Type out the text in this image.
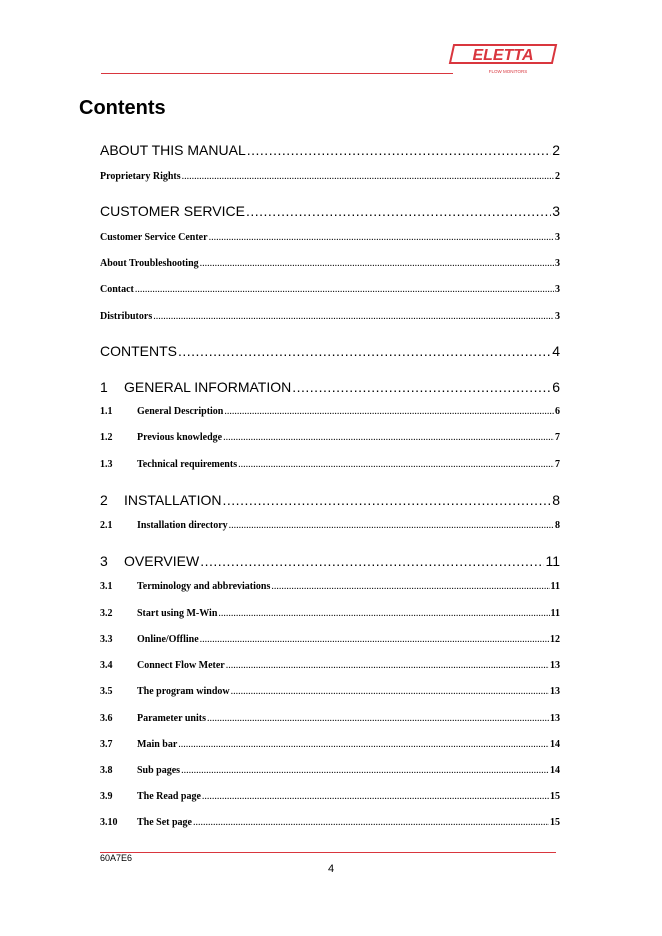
ELETTA
FLOW MONITORS
Contents
ABOUT THIS MANUAL .....	2
Proprietary Rights .....	2
CUSTOMER SERVICE .....	3
Customer Service Center .....	3
About Troubleshooting .....	3
Contact .....	3
Distributors .....	3
CONTENTS .....	4
1	GENERAL INFORMATION .....	6
1.1	General Description .....	6
1.2	Previous knowledge .....	7
1.3	Technical requirements .....	7
2	INSTALLATION .....	8
2.1	Installation directory .....	8
3	OVERVIEW .....	11
3.1	Terminology and abbreviations .....	11
3.2	Start using M-Win .....	11
3.3	Online/Offline .....	12
3.4	Connect Flow Meter .....	13
3.5	The program window .....	13
3.6	Parameter units .....	13
3.7	Main bar .....	14
3.8	Sub pages .....	14
3.9	The Read page .....	15
3.10	The Set page .....	15
60A7E6
4
